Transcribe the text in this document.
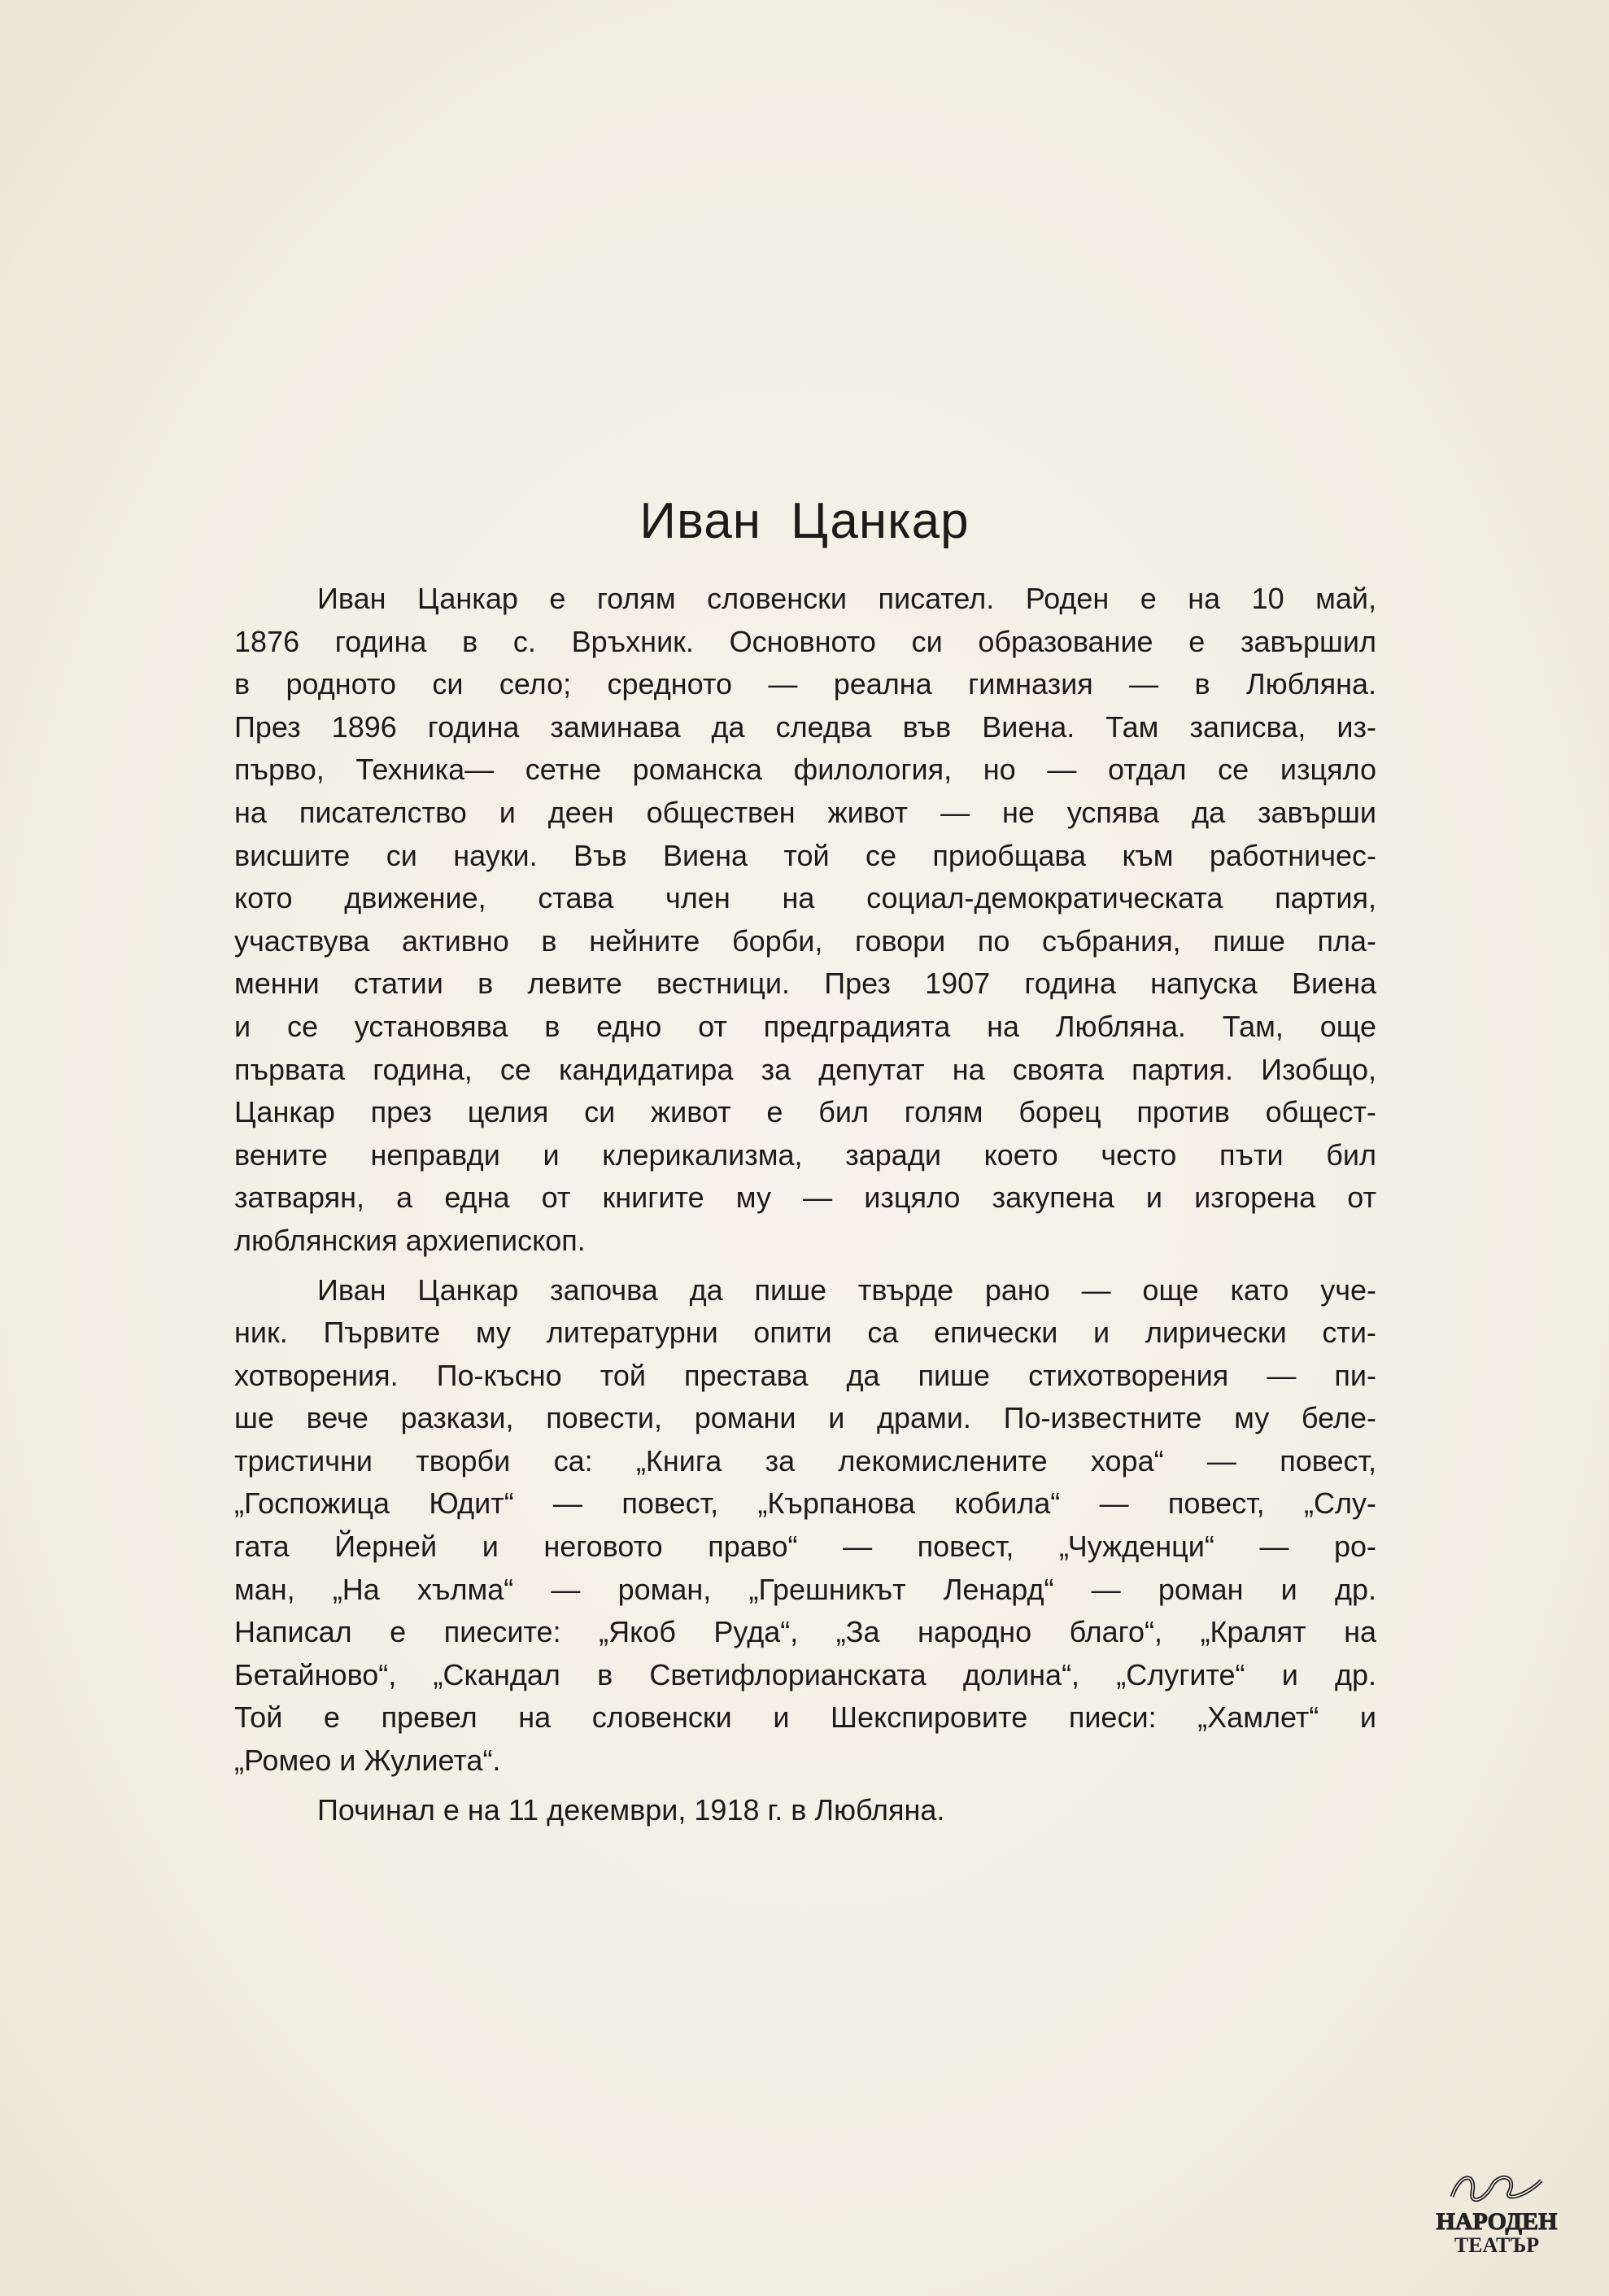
Иван Цанкар
Иван Цанкар е голям словенски писател. Роден е на 10 май,
1876 година в с. Връхник. Основното си образование е завършил
в родното си село; средното — реална гимназия — в Любляна.
През 1896 година заминава да следва във Виена. Там записва, из-
първо, Техника— сетне романска филология, но — отдал се изцяло
на писателство и деен обществен живот — не успява да завърши
висшите си науки. Във Виена той се приобщава към работничес-
кото движение, става член на социал-демократическата партия,
участвува активно в нейните борби, говори по събрания, пише пла-
менни статии в левите вестници. През 1907 година напуска Виена
и се установява в едно от предградията на Любляна. Там, още
първата година, се кандидатира за депутат на своята партия. Изобщо,
Цанкар през целия си живот е бил голям борец против общест-
вените неправди и клерикализма, заради което често пъти бил
затварян, а една от книгите му — изцяло закупена и изгорена от
люблянския архиепископ.
Иван Цанкар започва да пише твърде рано — още като уче-
ник. Първите му литературни опити са епически и лирически сти-
хотворения. По-късно той престава да пише стихотворения — пи-
ше вече разкази, повести, романи и драми. По-известните му беле-
тристични творби са: „Книга за лекомислените хора“ — повест,
„Госпожица Юдит“ — повест, „Кърпанова кобила“ — повест, „Слу-
гата Йерней и неговото право“ — повест, „Чужденци“ — ро-
ман, „На хълма“ — роман, „Грешникът Ленард“ — роман и др.
Написал е пиесите: „Якоб Руда“, „За народно благо“, „Кралят на
Бетайново“, „Скандал в Светифлорианската долина“, „Слугите“ и др.
Той е превел на словенски и Шекспировите пиеси: „Хамлет“ и
„Ромео и Жулиета“.
Починал е на 11 декември, 1918 г. в Любляна.
НАРОДЕН
ТЕАТЪР
